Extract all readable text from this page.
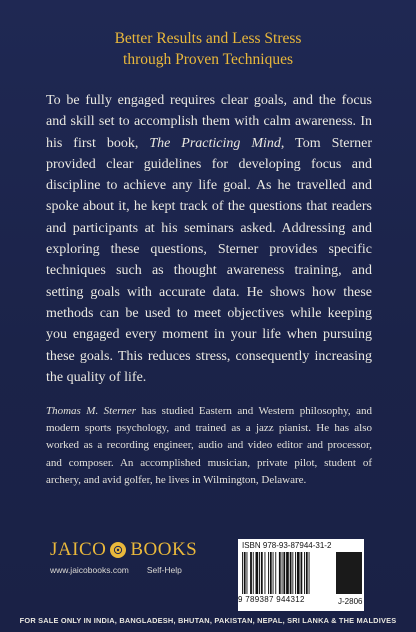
Better Results and Less Stress
through Proven Techniques

To be fully engaged requires clear goals, and the focus and skill set to accomplish them with calm awareness. In his first book, The Practicing Mind, Tom Sterner provided clear guidelines for developing focus and discipline to achieve any life goal. As he travelled and spoke about it, he kept track of the questions that readers and participants at his seminars asked. Addressing and exploring these questions, Sterner provides specific techniques such as thought awareness training, and setting goals with accurate data. He shows how these methods can be used to meet objectives while keeping you engaged every moment in your life when pursuing these goals. This reduces stress, consequently increasing the quality of life.

Thomas M. Sterner has studied Eastern and Western philosophy, and modern sports psychology, and trained as a jazz pianist. He has also worked as a recording engineer, audio and video editor and processor, and composer. An accomplished musician, private pilot, student of archery, and avid golfer, he lives in Wilmington, Delaware.

JAICO BOOKS
www.jaicobooks.com Self-Help
ISBN 978-93-87944-31-2
9 789387 944312	J-2806
FOR SALE ONLY IN INDIA, BANGLADESH, BHUTAN, PAKISTAN, NEPAL, SRI LANKA & THE MALDIVES
